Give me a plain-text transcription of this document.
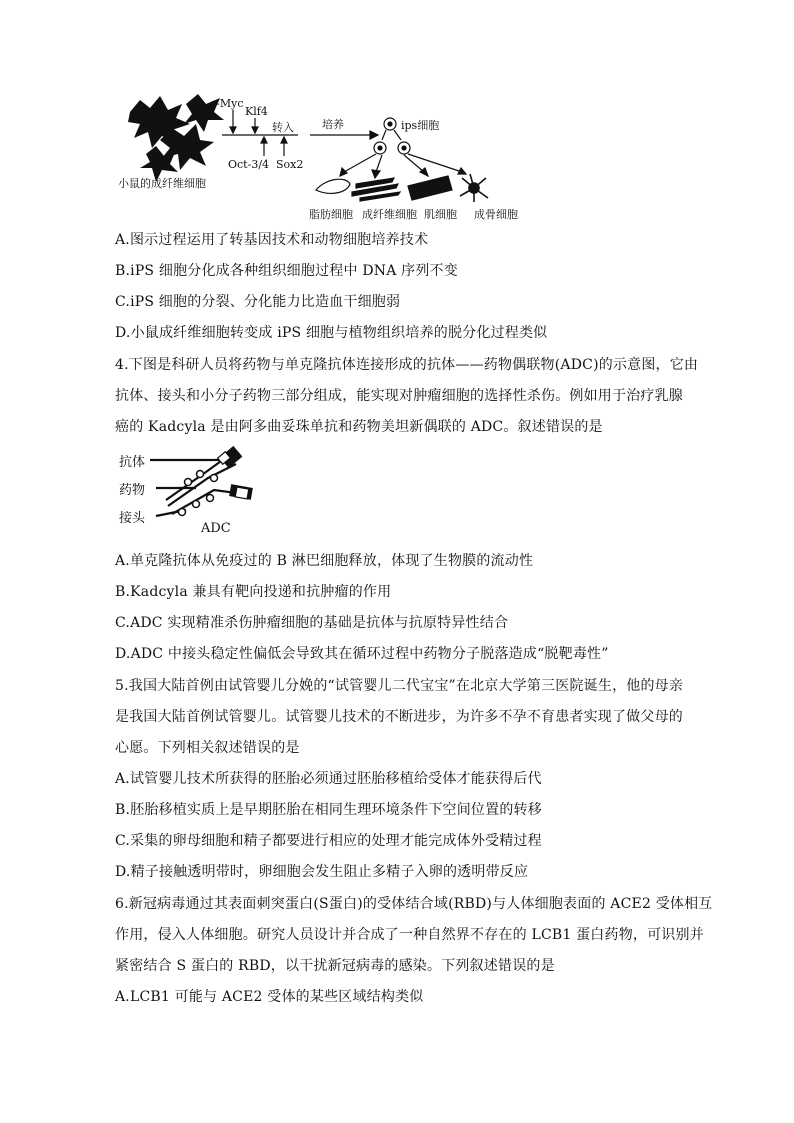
c-Myc
Klf4
Oct-3/4 Sox2
转入	培养	ips细胞
小鼠的成纤维细胞
脂肪细胞 成纤维细胞 肌细胞 成骨细胞
A.图示过程运用了转基因技术和动物细胞培养技术
B.iPS 细胞分化成各种组织细胞过程中 DNA 序列不变
C.iPS 细胞的分裂、分化能力比造血干细胞弱
D.小鼠成纤维细胞转变成 iPS 细胞与植物组织培养的脱分化过程类似
4.下图是科研人员将药物与单克隆抗体连接形成的抗体——药物偶联物(ADC)的示意图，它由
抗体、接头和小分子药物三部分组成，能实现对肿瘤细胞的选择性杀伤。例如用于治疗乳腺
癌的 Kadcyla 是由阿多曲妥珠单抗和药物美坦新偶联的 ADC。叙述错误的是
抗体
药物
接头
ADC
A.单克隆抗体从免疫过的 B 淋巴细胞释放，体现了生物膜的流动性
B.Kadcyla 兼具有靶向投递和抗肿瘤的作用
C.ADC 实现精准杀伤肿瘤细胞的基础是抗体与抗原特异性结合
D.ADC 中接头稳定性偏低会导致其在循环过程中药物分子脱落造成“脱靶毒性”
5.我国大陆首例由试管婴儿分娩的“试管婴儿二代宝宝”在北京大学第三医院诞生，他的母亲
是我国大陆首例试管婴儿。试管婴儿技术的不断进步，为许多不孕不育患者实现了做父母的
心愿。下列相关叙述错误的是
A.试管婴儿技术所获得的胚胎必须通过胚胎移植给受体才能获得后代
B.胚胎移植实质上是早期胚胎在相同生理环境条件下空间位置的转移
C.采集的卵母细胞和精子都要进行相应的处理才能完成体外受精过程
D.精子接触透明带时，卵细胞会发生阻止多精子入卵的透明带反应
6.新冠病毒通过其表面刺突蛋白(S蛋白)的受体结合域(RBD)与人体细胞表面的 ACE2 受体相互
作用，侵入人体细胞。研究人员设计并合成了一种自然界不存在的 LCB1 蛋白药物，可识别并
紧密结合 S 蛋白的 RBD，以干扰新冠病毒的感染。下列叙述错误的是
A.LCB1 可能与 ACE2 受体的某些区域结构类似
